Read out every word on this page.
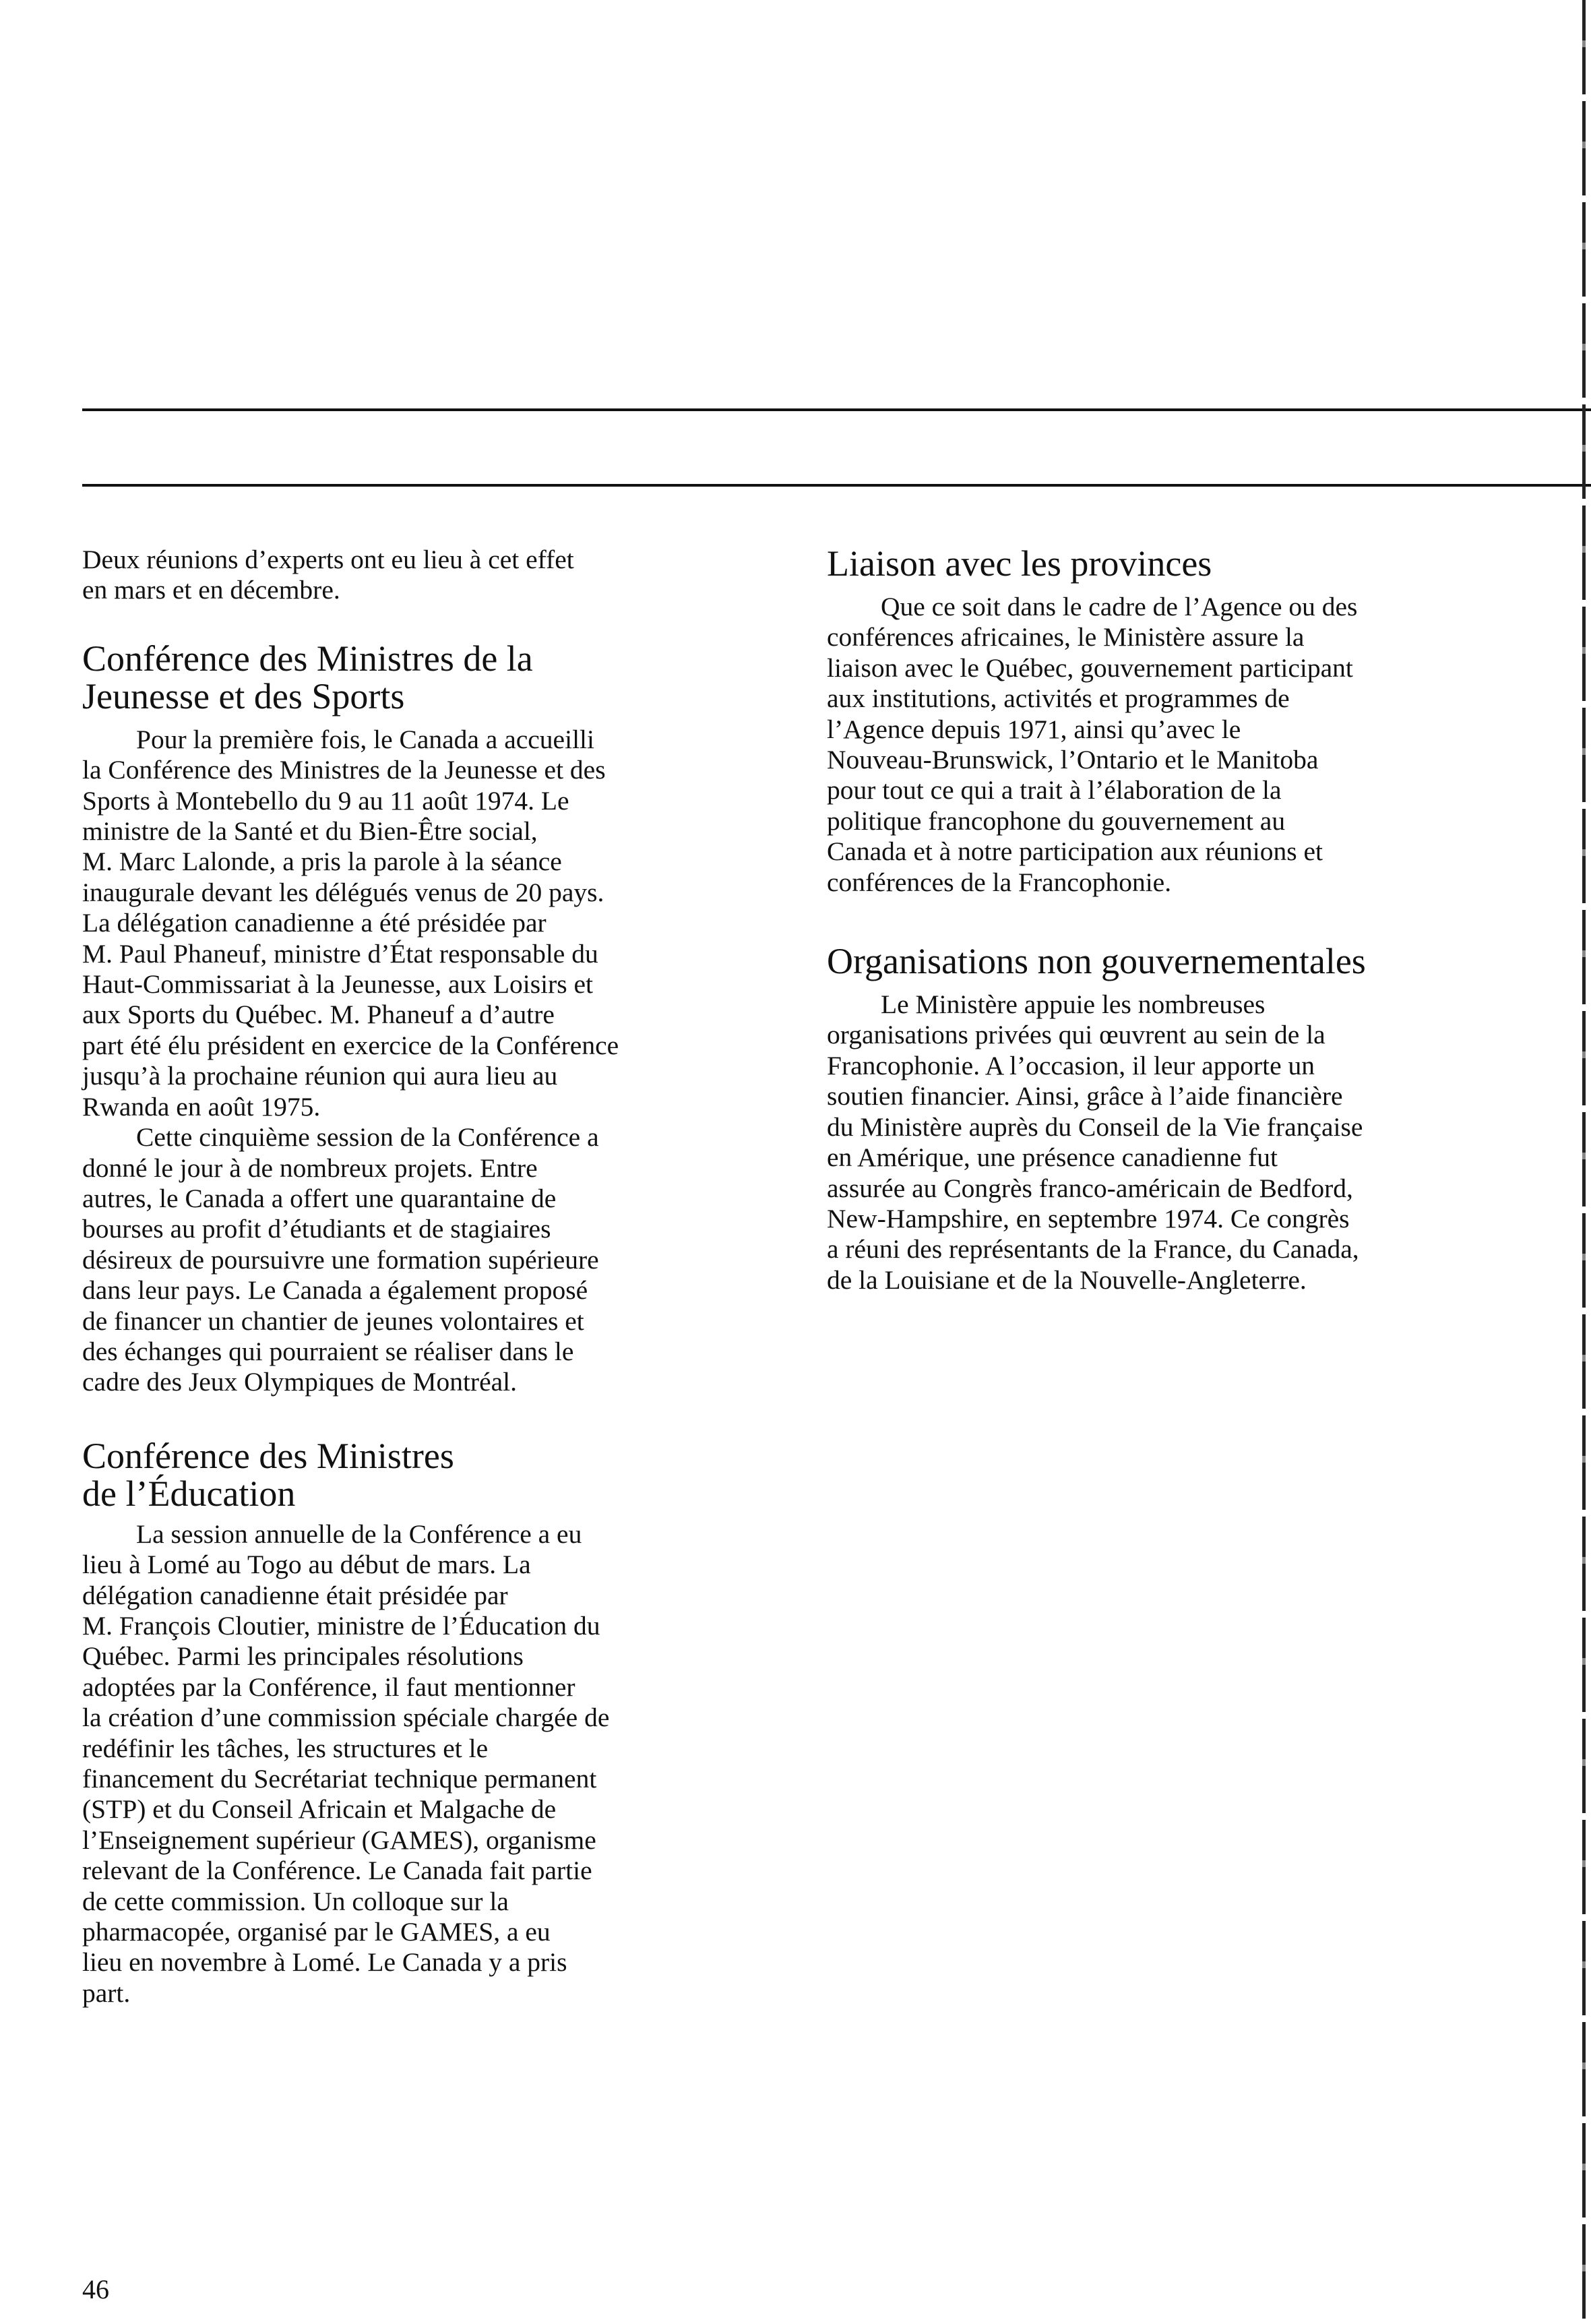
Deux réunions d’experts ont eu lieu à cet effet
en mars et en décembre.

Conférence des Ministres de la
Jeunesse et des Sports

Pour la première fois, le Canada a accueilli
la Conférence des Ministres de la Jeunesse et des
Sports à Montebello du 9 au 11 août 1974. Le
ministre de la Santé et du Bien-Être social,
M. Marc Lalonde, a pris la parole à la séance
inaugurale devant les délégués venus de 20 pays.
La délégation canadienne a été présidée par
M. Paul Phaneuf, ministre d’État responsable du
Haut-Commissariat à la Jeunesse, aux Loisirs et
aux Sports du Québec. M. Phaneuf a d’autre
part été élu président en exercice de la Conférence
jusqu’à la prochaine réunion qui aura lieu au
Rwanda en août 1975.

Cette cinquième session de la Conférence a
donné le jour à de nombreux projets. Entre
autres, le Canada a offert une quarantaine de
bourses au profit d’étudiants et de stagiaires
désireux de poursuivre une formation supérieure
dans leur pays. Le Canada a également proposé
de financer un chantier de jeunes volontaires et
des échanges qui pourraient se réaliser dans le
cadre des Jeux Olympiques de Montréal.

Conférence des Ministres
de l’Éducation

La session annuelle de la Conférence a eu
lieu à Lomé au Togo au début de mars. La
délégation canadienne était présidée par
M. François Cloutier, ministre de l’Éducation du
Québec. Parmi les principales résolutions
adoptées par la Conférence, il faut mentionner
la création d’une commission spéciale chargée de
redéfinir les tâches, les structures et le
financement du Secrétariat technique permanent
(STP) et du Conseil Africain et Malgache de
l’Enseignement supérieur (GAMES), organisme
relevant de la Conférence. Le Canada fait partie
de cette commission. Un colloque sur la
pharmacopée, organisé par le GAMES, a eu
lieu en novembre à Lomé. Le Canada y a pris
part.

Liaison avec les provinces

Que ce soit dans le cadre de l’Agence ou des
conférences africaines, le Ministère assure la
liaison avec le Québec, gouvernement participant
aux institutions, activités et programmes de
l’Agence depuis 1971, ainsi qu’avec le
Nouveau-Brunswick, l’Ontario et le Manitoba
pour tout ce qui a trait à l’élaboration de la
politique francophone du gouvernement au
Canada et à notre participation aux réunions et
conférences de la Francophonie.

Organisations non gouvernementales

Le Ministère appuie les nombreuses
organisations privées qui œuvrent au sein de la
Francophonie. A l’occasion, il leur apporte un
soutien financier. Ainsi, grâce à l’aide financière
du Ministère auprès du Conseil de la Vie française
en Amérique, une présence canadienne fut
assurée au Congrès franco-américain de Bedford,
New-Hampshire, en septembre 1974. Ce congrès
a réuni des représentants de la France, du Canada,
de la Louisiane et de la Nouvelle-Angleterre.

46
